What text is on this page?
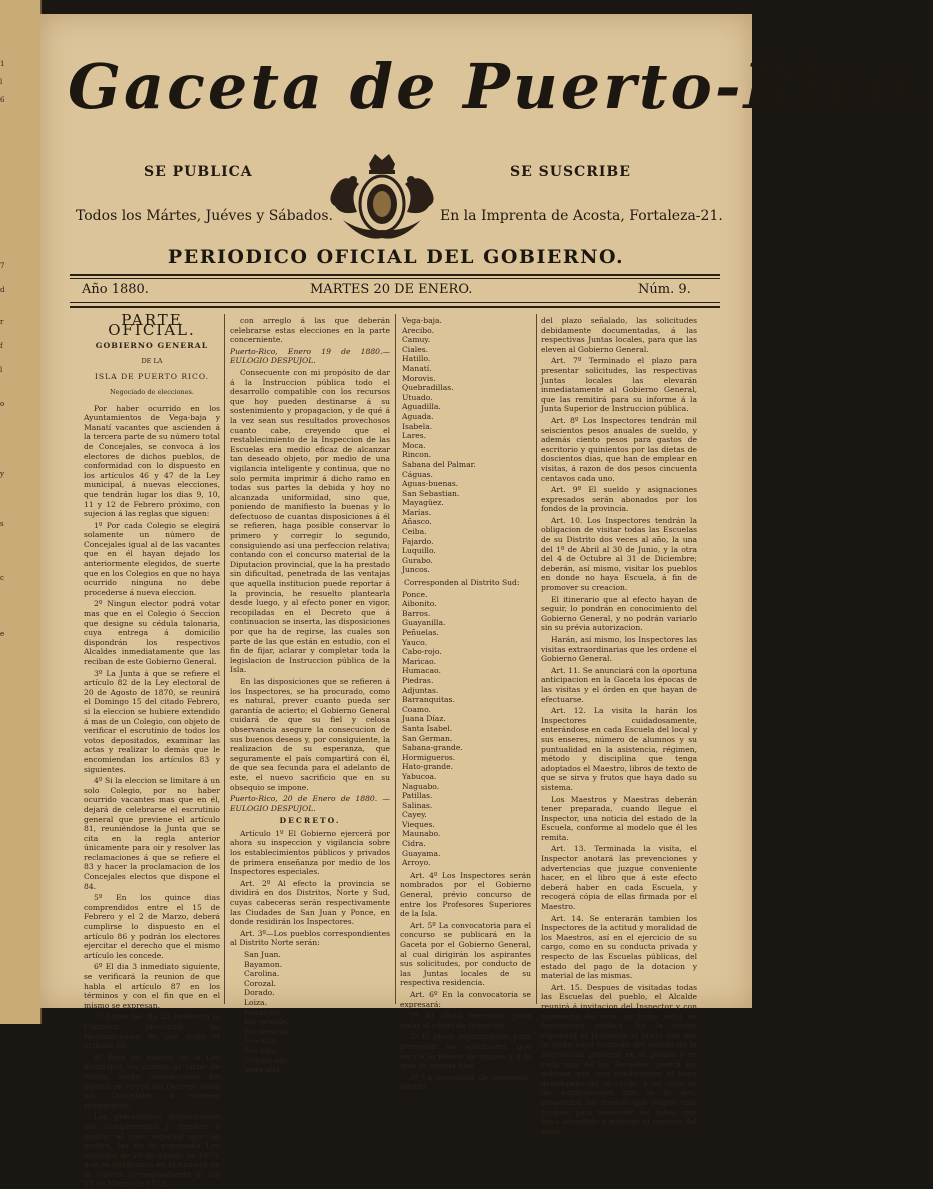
1
l
6
7
d
r
f
l
o
y
s
c
e
Gaceta de Puerto-Rico.
SE PUBLICA	SE SUSCRIBE
Todos los Mártes, Juéves y Sábados.	En la Imprenta de Acosta, Fortaleza-21.
PERIODICO OFICIAL DEL GOBIERNO.
Año 1880.	MARTES 20 DE ENERO.	Núm. 9.

PARTE OFICIAL.

GOBIERNO GENERAL

DE LA

ISLA DE PUERTO RICO.

Negociado de elecciones.

Por haber ocurrido en los Ayuntamientos de Vega-baja y Manatí vacantes que ascienden á la tercera parte de su número total de Concejales, se convoca á los electores de dichos pueblos, de conformidad con lo dispuesto en los artículos 46 y 47 de la Ley municipal, á nuevas elecciones, que tendrán lugar los dias 9, 10, 11 y 12 de Febrero próximo, con sujecion á las reglas que siguen:

1º Por cada Colegio se elegirá solamente un número de Concejales igual al de las vacantes que en él hayan dejado los anteriormente elegidos, de suerte que en los Colegios en que no haya ocurrido ninguna no debe procederse á nueva eleccion.

2º Ningun elector podrá votar mas que en el Colegio ó Seccion que designe su cédula talonaria, cuya entrega á domicilio dispondrán los respectivos Alcaldes inmediatamente que las reciban de este Gobierno General.

3º La Junta á que se refiere el artículo 82 de la Ley electoral de 20 de Agosto de 1870, se reunirá el Domingo 15 del citado Febrero, si la eleccion se hubiere extendido á mas de un Colegio, con objeto de verificar el escrutinio de todos los votos depositados, examinar las actas y realizar lo demás que le encomiendan los artículos 83 y siguientes.

4º Si la eleccion se limitare á un solo Colegio, por no haber ocurrido vacantes mas que en él, dejará de celebrarse el escrutinio general que previene el artículo 81, reuniéndose la Junta que se cita en la regla anterior únicamente para oir y resolver las reclamaciones á que se refiere el 83 y hacer la proclamacion de los Concejales electos que dispone el 84.

5º En los quince dias comprendidos entre el 15 de Febrero y el 2 de Marzo, deberá cumplirse lo dispuesto en el artículo 86 y podrán los electores ejercitar el derecho que el mismo artículo les concede.

6º El dia 3 inmediato siguiente, se verificará la reunion de que habla el artículo 87 en los términos y con el fin que en el mismo se expresan.

7º Antes del dia 22 resolverá la Comision provincial las reclamaciones de que trata el artículo 88.

8º Para los efectos de la Ley municipal, en cuanto al turno de salida, serán considerados los electos en virtud del Decreto como los Concejales á quienes reemplacen.

Las precedentes disposiciones son complemento y tienden á aplicar al caso especial que las motiva, las de la expresada Ley electoral de 20 de Agosto de 1870, que se publicaron en el número de la Gaceta correspondiente al dia 15 de Marzo de 1879,

con arreglo á las que deberán celebrarse estas elecciones en la parte concerniente.

Puerto-Rico, Enero 19 de 1880.— EULOGIO DESPUJOL.

Consecuente con mi propósito de dar á la Instruccion pública todo el desarrollo compatible con los recursos que hoy pueden destinarse á su sostenimiento y propagacion, y de qué á la vez sean sus resultados provechosos cuanto cabe, creyendo que el restablecimiento de la Inspeccion de las Escuelas era medio eficaz de alcanzar tan deseado objeto, por medio de una vigilancia inteligente y continua, que no solo permita imprimir á dicho ramo en todas sus partes la debida y hoy no alcanzada uniformidad, sino que, poniendo de manifiesto la buenas y lo defectuoso de cuantas disposiciones á él se refieren, haga posible conservar lo primero y corregir lo segundo, consiguiendo así una perfeccion relativa; contando con el concurso material de la Diputacion provincial, que la ha prestado sin dificultad, penetrada de las ventajas que aquella institucion puede reportar á la provincia, he resuelto plantearla desde luego, y al efecto poner en vigor, recopiladas en el Decreto que á continuacion se inserta, las disposiciones por que ha de regirse, las cuales son parte de las que están en estudio, con el fin de fijar, aclarar y completar toda la legislacion de Instruccion pública de la Isla.

En las disposiciones que se refieren á los Inspectores, se ha procurado, como es natural, prever cuanto pueda ser garantía de acierto; el Gobierno General cuidará de que su fiel y celosa observancia asegure la consecucion de sus buenos deseos y, por consiguiente, la realizacion de su esperanza, que seguramente el país compartirá con él, de que sea fecunda para el adelanto de este, el nuevo sacrificio que en su obsequio se impone.

Puerto-Rico, 20 de Enero de 1880. — EULOGIO DESPUJOL.

DECRETO.

Artículo 1º El Gobierno ejercerá por ahora su inspeccion y vigilancia sobre los establecimientos públicos y privados de primera enseñanza por medio de los Inspectores especiales.

Art. 2º Al efecto la provincia se dividirá en dos Distritos, Norte y Sud, cuyas cabeceras serán respectivamente las Ciudades de San Juan y Ponce, en donde residirán los Inspectores.

Art. 3º—Los pueblos correspondientes al Distrito Norte serán:

San Juan.
Bayamon.
Carolina.
Corozal.
Dorado.
Loiza.
Naranjito.
Rio-grande.
Rio-piedras.
Toa-alta.
Toa-baja.
Trujillo-alto.
Vega-alta.
Vega-baja.
Arecibo.
Camuy.
Ciales.
Hatillo.
Manatí.
Morovis.
Quebradillas.
Utuado.
Aguadilla.
Aguada.
Isabela.
Lares.
Moca.
Rincon.
Sabana del Palmar.
Cáguas.
Aguas-buenas.
San Sebastian.
Mayagüez.
Marías.
Añasco.
Ceiba.
Fajardo.
Luquillo.
Gurabo.
Juncos.

Corresponden al Distrito Sud:

Ponce.
Aibonito.
Barros.
Guayanilla.
Peñuelas.
Yauco.
Cabo-rojo.
Maricao.
Humacao.
Piedras.
Adjuntas.
Barranquitas.
Coamo.
Juana Díaz.
Santa Isabel.
San German.
Sabana-grande.
Hormigueros.
Hato-grande.
Yabucoa.
Naguabo.
Patillas.
Salinas.
Cayey.
Vieques.
Maunabo.
Cidra.
Guayama.
Arroyo.

Art. 4º Los Inspectores serán nombrados por el Gobierno General, prévio concurso de entre los Profesores Superiores de la Isla.

Art. 5º La convocatoria para el concurso se publicará en la Gaceta por el Gobierno General, al cual dirigirán los aspirantes sus solicitudes, por conducto de las Juntas locales de su respectiva residencia.

Art. 6º En la convocatoria se expresará:

1º El título necesario para optar al cargo de Inspector.

2º El plazo improrogable para presentar las solicitudes, que será á lo ménos de quince y á lo mas de treinta dias.

3º La necesidad de presentar, dentro

del plazo señalado, las solicitudes debidamente documentadas, á las respectivas Juntas locales, para que las eleven al Gobierno General.

Art. 7º Terminado el plazo para presentar solicitudes, las respectivas Juntas locales las elevarán inmediatamente al Gobierno General, que las remitirá para su informe á la Junta Superior de Instruccion pública.

Art. 8º Los Inspectores tendrán mil seiscientos pesos anuales de sueldo, y además ciento pesos para gastos de escritorio y quinientos por las dietas de doscientos dias, que han de emplear en visitas, á razon de dos pesos cincuenta centavos cada uno.

Art. 9º El sueldo y asignaciones expresados serán abonados por los fondos de la provincia.

Art. 10. Los Inspectores tendrán la obligacion de visitar todas las Escuelas de su Distrito dos veces al año, la una del 1º de Abril al 30 de Junio, y la otra del 4 de Octubre al 31 de Diciembre; deberán, así mismo, visitar los pueblos en donde no haya Escuela, á fin de promover su creacion.

El itinerario que al efecto hayan de seguir, lo pondrán en conocimiento del Gobierno General, y no podrán variarlo sin su prévia autorizacion.

Harán, así mismo, los Inspectores las visitas extraordinarias que les ordene el Gobierno General.

Art. 11. Se anunciará con la oportuna anticipacion en la Gaceta los épocas de las visitas y el órden en que hayan de efectuarse.

Art. 12. La visita la harán los Inspectores cuidadosamente, enterándose en cada Escuela del local y sus enseres, número de alumnos y su puntualidad en la asistencia, régimen, método y disciplina que tenga adoptados el Maestro, libros de texto de que se sirva y frutos que haya dado su sistema.

Los Maestros y Maestras deberán tener preparada, cuando llegue el Inspector, una noticia del estado de la Escuela, conforme al modelo que él les remita.

Art. 13. Terminada la visita, el Inspector anotará las prevenciones y advertencias que juzgue conveniente hacer, en el libro que á este efecto deberá haber en cada Escuela, y recogerá cópia de ellas firmada por el Maestro.

Art. 14. Se enterarán tambien los Inspectores de la actitud y moralidad de los Maestros, así en el ejercicio de su cargo, como en su conducta privada y respecto de las Escuelas públicas, del estado del pago de la dotacion y material de las mismas.

Art. 15. Despues de visitadas todas las Escuelas del pueblo, el Alcalde reunirá á invitacion del Inspector y con asistencia de éste, la Junta local de Instruccion pública. En la sesion expondrá el Inspector el juicio que por la visita haya formado del estado de la Instruccion primaria en el pueblo y en cada una de las Escuelas; pedirá las noticias que crea conducentes al buen desempeño de su cargo, y en vista de las explicaciones que se le den, propondrá los medios que juzgue mas propios para remediar las faltas que haya advertido y mejorar el servicio del ramo.
